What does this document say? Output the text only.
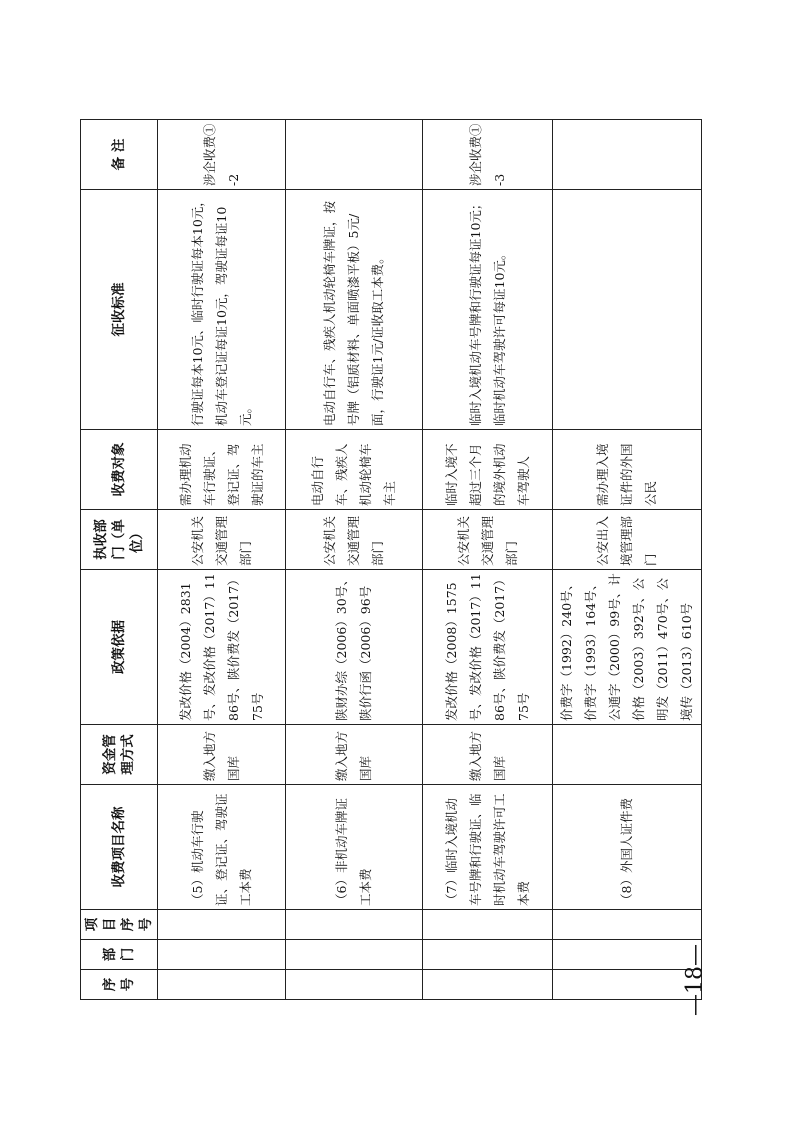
序号	部门	项目序号	收费项目名称	资金管理方式	政策依据	执收部门（单位）	收费对象	征收标准	备 注
			（5）机动车行驶证、登记证、驾驶证工本费	缴入地方国库	发改价格（2004）2831号、发改价格（2017）1186号、陕价费发（2017）75号	公安机关交通管理部门	需办理机动车行驶证、登记证、驾驶证的车主	行驶证每本10元、临时行驶证每本10元，机动车登记证每证10元，驾驶证每证10元。	涉企收费①-2
			（6）非机动车牌证工本费	缴入地方国库	陕财办综（2006）30号、陕价行函（2006）96号	公安机关交通管理部门	电动自行车、残疾人机动轮椅车车主	电动自行车、残疾人机动轮椅车牌证，按号牌（铝质材料、单面喷漆平板）5元/面，行驶证1元/证收取工本费。	
			（7）临时入境机动车号牌和行驶证、临时机动车驾驶许可工本费	缴入地方国库	发改价格（2008）1575号、发改价格（2017）1186号、陕价费发（2017）75号	公安机关交通管理部门	临时入境不超过三个月的境外机动车驾驶人	临时入境机动车号牌和行驶证每证10元；临时机动车驾驶许可每证10元。	涉企收费①-3
			（8）外国人证件费		价费字（1992）240号、价费字（1993）164号、公通字（2000）99号、计价格（2003）392号、公明发（2011）470号、公境传（2013）610号	公安出入境管理部门	需办理入境证件的外国公民		
—18—
